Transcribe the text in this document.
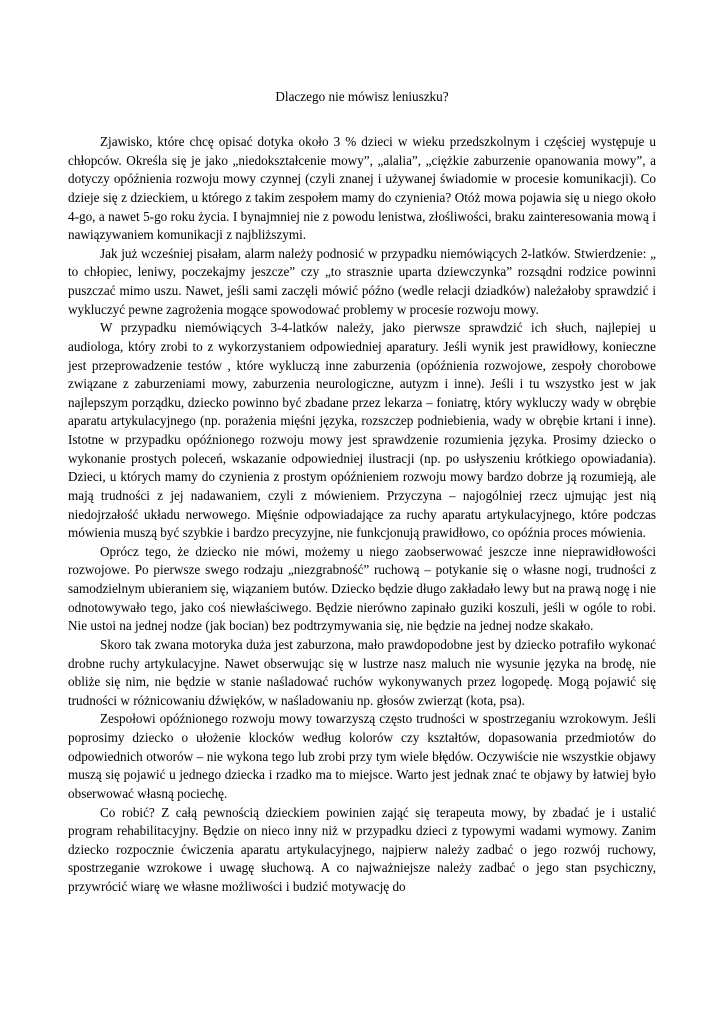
Dlaczego nie mówisz leniuszku?

Zjawisko, które chcę opisać dotyka około 3 % dzieci w wieku przedszkolnym i częściej występuje u chłopców. Określa się je jako „niedokształcenie mowy”, „alalia”, „ciężkie zaburzenie opanowania mowy”, a dotyczy opóźnienia rozwoju mowy czynnej (czyli znanej i używanej świadomie w procesie komunikacji). Co dzieje się z dzieckiem, u którego z takim zespołem mamy do czynienia? Otóż mowa pojawia się u niego około 4-go, a nawet 5-go roku życia. I bynajmniej nie z powodu lenistwa, złośliwości, braku zainteresowania mową i nawiązywaniem komunikacji z najbliższymi.

Jak już wcześniej pisałam, alarm należy podnosić w przypadku niemówiących 2-latków. Stwierdzenie: „ to chłopiec, leniwy, poczekajmy jeszcze” czy „to strasznie uparta dziewczynka” rozsądni rodzice powinni puszczać mimo uszu. Nawet, jeśli sami zaczęli mówić późno (wedle relacji dziadków) należałoby sprawdzić i wykluczyć pewne zagrożenia mogące spowodować problemy w procesie rozwoju mowy.

W przypadku niemówiących 3-4-latków należy, jako pierwsze sprawdzić ich słuch, najlepiej u audiologa, który zrobi to z wykorzystaniem odpowiedniej aparatury. Jeśli wynik jest prawidłowy, konieczne jest przeprowadzenie testów , które wykluczą inne zaburzenia (opóźnienia rozwojowe, zespoły chorobowe związane z zaburzeniami mowy, zaburzenia neurologiczne, autyzm i inne). Jeśli i tu wszystko jest w jak najlepszym porządku, dziecko powinno być zbadane przez lekarza – foniatrę, który wykluczy wady w obrębie aparatu artykulacyjnego (np. porażenia mięśni języka, rozszczep podniebienia, wady w obrębie krtani i inne). Istotne w przypadku opóźnionego rozwoju mowy jest sprawdzenie rozumienia języka. Prosimy dziecko o wykonanie prostych poleceń, wskazanie odpowiedniej ilustracji (np. po usłyszeniu krótkiego opowiadania). Dzieci, u których mamy do czynienia z prostym opóźnieniem rozwoju mowy bardzo dobrze ją rozumieją, ale mają trudności z jej nadawaniem, czyli z mówieniem. Przyczyna – najogólniej rzecz ujmując jest nią niedojrzałość układu nerwowego. Mięśnie odpowiadające za ruchy aparatu artykulacyjnego, które podczas mówienia muszą być szybkie i bardzo precyzyjne, nie funkcjonują prawidłowo, co opóźnia proces mówienia.

Oprócz tego, że dziecko nie mówi, możemy u niego zaobserwować jeszcze inne nieprawidłowości rozwojowe. Po pierwsze swego rodzaju „niezgrabność” ruchową – potykanie się o własne nogi, trudności z samodzielnym ubieraniem się, wiązaniem butów. Dziecko będzie długo zakładało lewy but na prawą nogę i nie odnotowywało tego, jako coś niewłaściwego. Będzie nierówno zapinało guziki koszuli, jeśli w ogóle to robi. Nie ustoi na jednej nodze (jak bocian) bez podtrzymywania się, nie będzie na jednej nodze skakało.

Skoro tak zwana motoryka duża jest zaburzona, mało prawdopodobne jest by dziecko potrafiło wykonać drobne ruchy artykulacyjne. Nawet obserwując się w lustrze nasz maluch nie wysunie języka na brodę, nie obliże się nim, nie będzie w stanie naśladować ruchów wykonywanych przez logopedę. Mogą pojawić się trudności w różnicowaniu dźwięków, w naśladowaniu np. głosów zwierząt (kota, psa).

Zespołowi opóźnionego rozwoju mowy towarzyszą często trudności w spostrzeganiu wzrokowym. Jeśli poprosimy dziecko o ułożenie klocków według kolorów czy kształtów, dopasowania przedmiotów do odpowiednich otworów – nie wykona tego lub zrobi przy tym wiele błędów. Oczywiście nie wszystkie objawy muszą się pojawić u jednego dziecka i rzadko ma to miejsce. Warto jest jednak znać te objawy by łatwiej było obserwować własną pociechę.

Co robić? Z całą pewnością dzieckiem powinien zająć się terapeuta mowy, by zbadać je i ustalić program rehabilitacyjny. Będzie on nieco inny niż w przypadku dzieci z typowymi wadami wymowy. Zanim dziecko rozpocznie ćwiczenia aparatu artykulacyjnego, najpierw należy zadbać o jego rozwój ruchowy, spostrzeganie wzrokowe i uwagę słuchową. A co najważniejsze należy zadbać o jego stan psychiczny, przywrócić wiarę we własne możliwości i budzić motywację do
